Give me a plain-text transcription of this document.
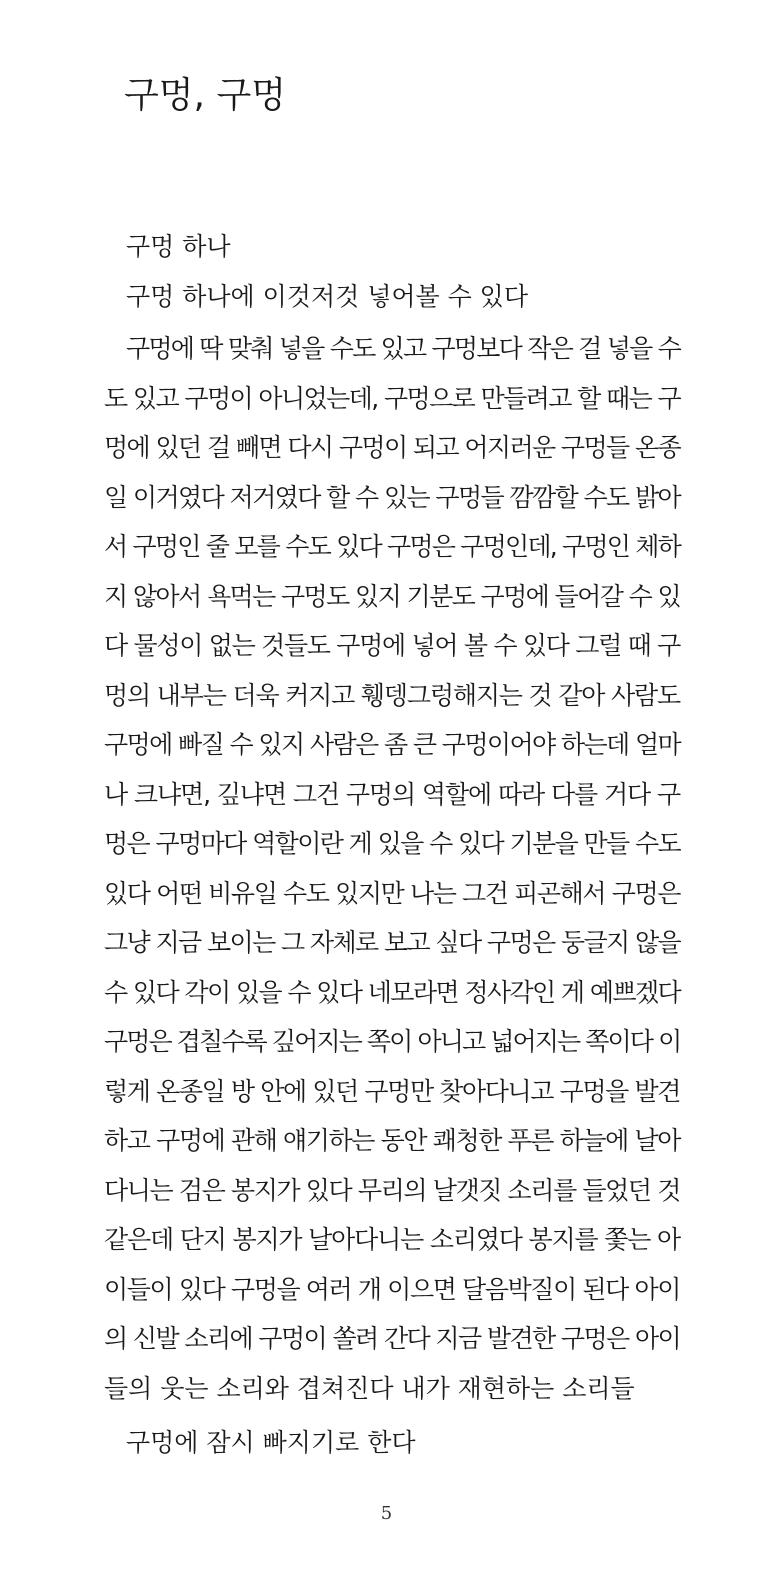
구멍, 구멍
구멍 하나
구멍 하나에 이것저것 넣어볼 수 있다
구멍에 딱 맞춰 넣을 수도 있고 구멍보다 작은 걸 넣을 수
도 있고 구멍이 아니었는데, 구멍으로 만들려고 할 때는 구
멍에 있던 걸 빼면 다시 구멍이 되고 어지러운 구멍들 온종
일 이거였다 저거였다 할 수 있는 구멍들 깜깜할 수도 밝아
서 구멍인 줄 모를 수도 있다 구멍은 구멍인데, 구멍인 체하
지 않아서 욕먹는 구멍도 있지 기분도 구멍에 들어갈 수 있
다 물성이 없는 것들도 구멍에 넣어 볼 수 있다 그럴 때 구
멍의 내부는 더욱 커지고 휑뎅그렁해지는 것 같아 사람도
구멍에 빠질 수 있지 사람은 좀 큰 구멍이어야 하는데 얼마
나 크냐면, 깊냐면 그건 구멍의 역할에 따라 다를 거다 구
멍은 구멍마다 역할이란 게 있을 수 있다 기분을 만들 수도
있다 어떤 비유일 수도 있지만 나는 그건 피곤해서 구멍은
그냥 지금 보이는 그 자체로 보고 싶다 구멍은 둥글지 않을
수 있다 각이 있을 수 있다 네모라면 정사각인 게 예쁘겠다
구멍은 겹칠수록 깊어지는 쪽이 아니고 넓어지는 쪽이다 이
렇게 온종일 방 안에 있던 구멍만 찾아다니고 구멍을 발견
하고 구멍에 관해 얘기하는 동안 쾌청한 푸른 하늘에 날아
다니는 검은 봉지가 있다 무리의 날갯짓 소리를 들었던 것
같은데 단지 봉지가 날아다니는 소리였다 봉지를 쫓는 아
이들이 있다 구멍을 여러 개 이으면 달음박질이 된다 아이
의 신발 소리에 구멍이 쏠려 간다 지금 발견한 구멍은 아이
들의 웃는 소리와 겹쳐진다 내가 재현하는 소리들
구멍에 잠시 빠지기로 한다
5
